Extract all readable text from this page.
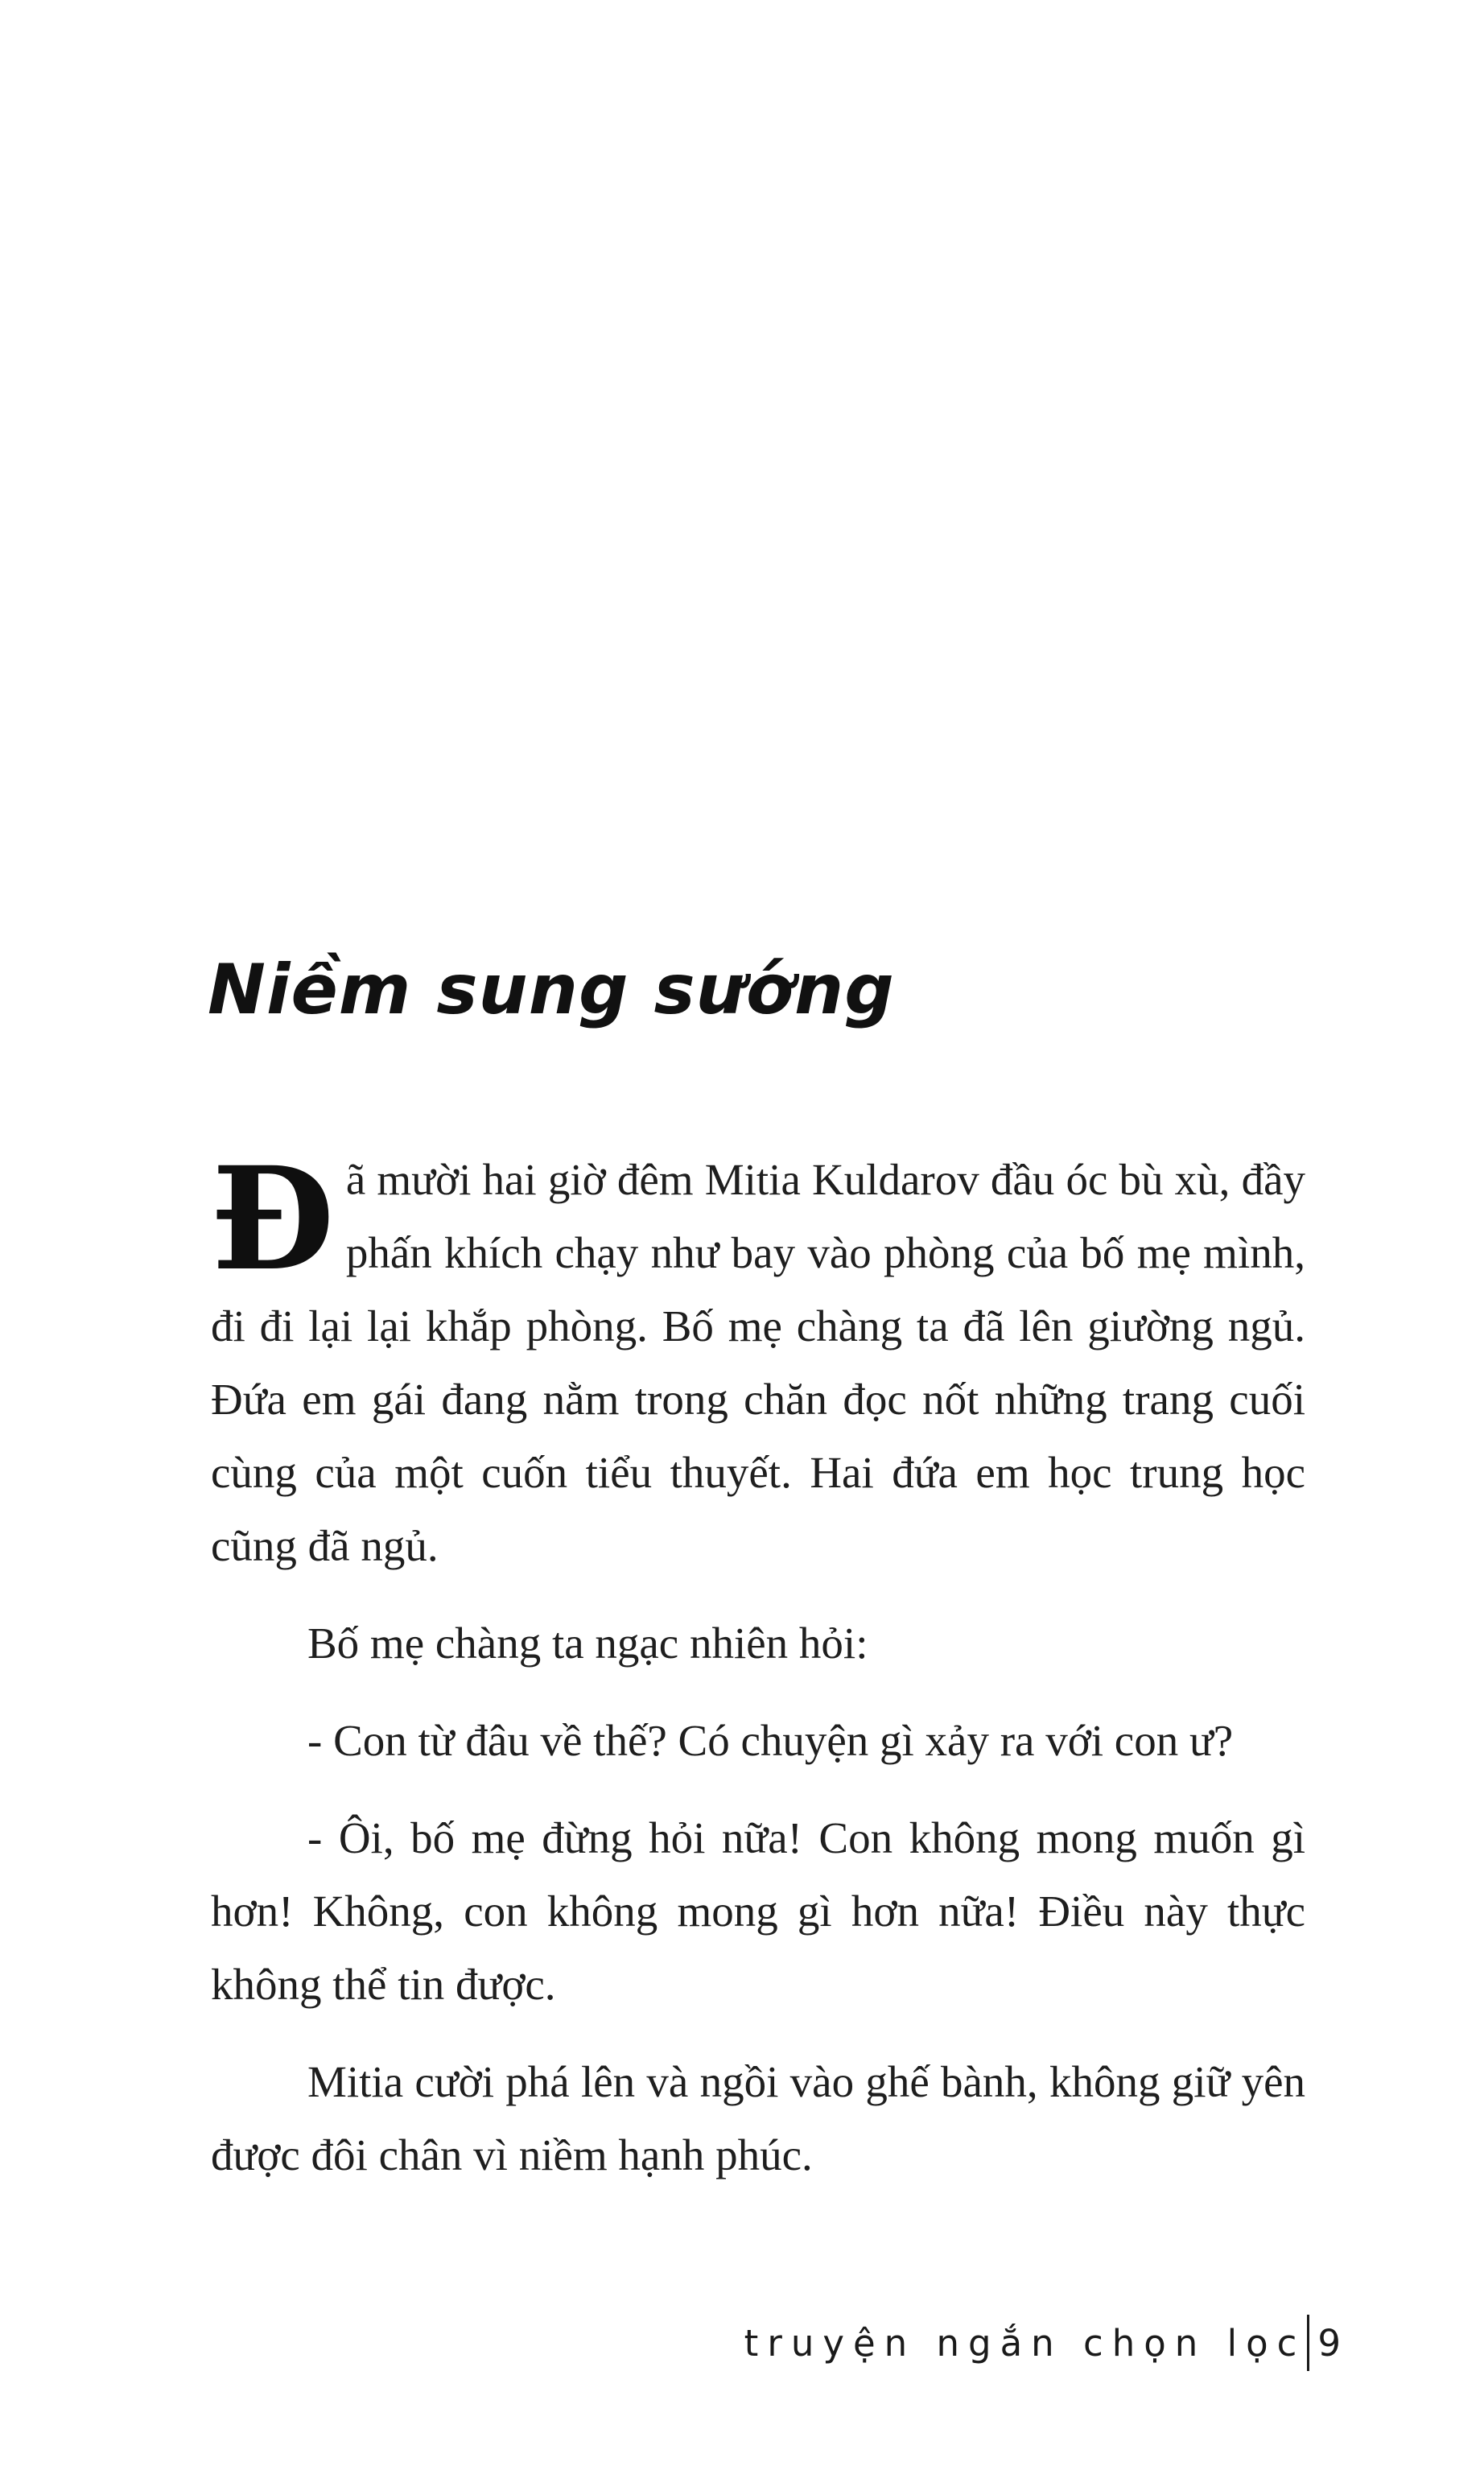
Niềm sung sướng

Đã mười hai giờ đêm Mitia Kuldarov đầu óc bù xù, đầy phấn khích chạy như bay vào phòng của bố mẹ mình, đi đi lại lại khắp phòng. Bố mẹ chàng ta đã lên giường ngủ. Đứa em gái đang nằm trong chăn đọc nốt những trang cuối cùng của một cuốn tiểu thuyết. Hai đứa em học trung học cũng đã ngủ.

Bố mẹ chàng ta ngạc nhiên hỏi:

- Con từ đâu về thế? Có chuyện gì xảy ra với con ư?

- Ôi, bố mẹ đừng hỏi nữa! Con không mong muốn gì hơn! Không, con không mong gì hơn nữa! Điều này thực không thể tin được.

Mitia cười phá lên và ngồi vào ghế bành, không giữ yên được đôi chân vì niềm hạnh phúc.

truyện ngắn chọn lọc 9
